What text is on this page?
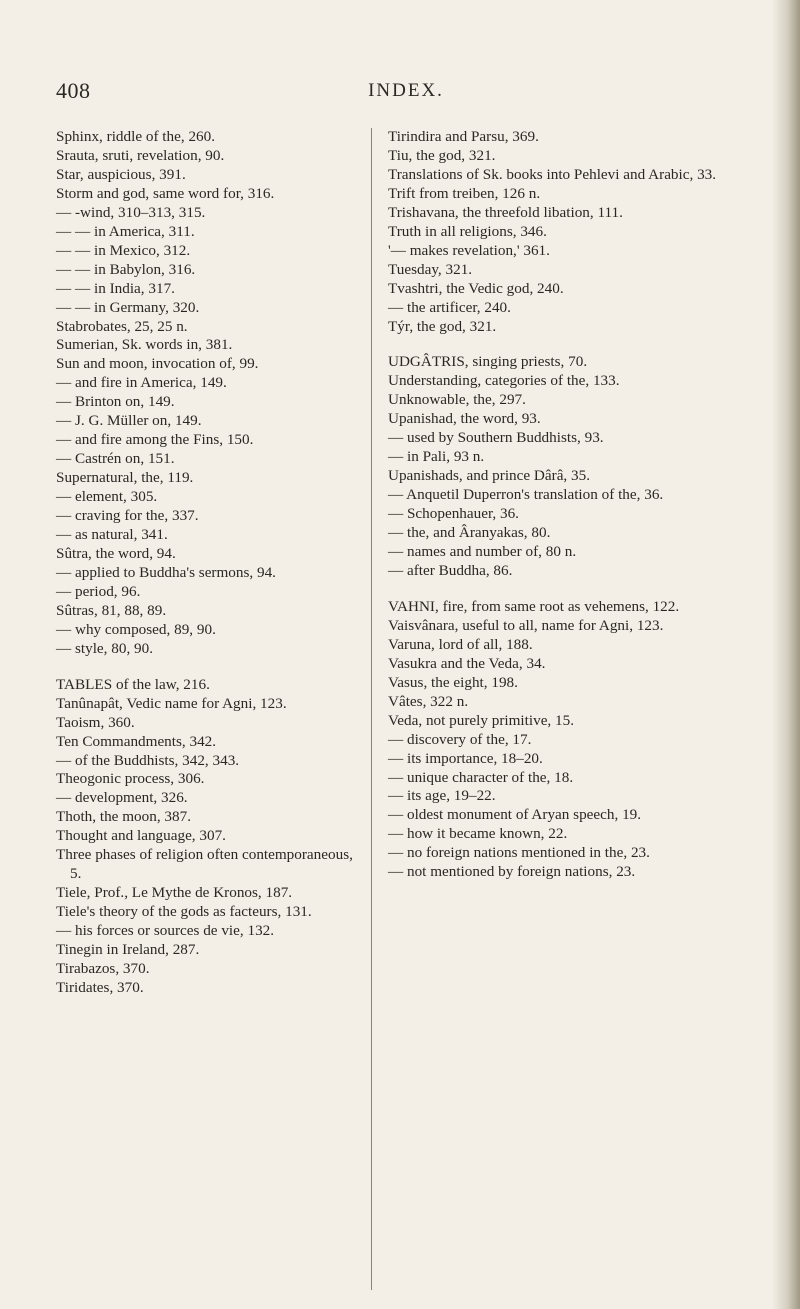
408	INDEX.

Sphinx, riddle of the, 260.

Srauta, sruti, revelation, 90.

Star, auspicious, 391.

Storm and god, same word for, 316.

— -wind, 310–313, 315.

— — in America, 311.

— — in Mexico, 312.

— — in Babylon, 316.

— — in India, 317.

— — in Germany, 320.

Stabrobates, 25, 25 n.

Sumerian, Sk. words in, 381.

Sun and moon, invocation of, 99.

— and fire in America, 149.

— Brinton on, 149.

— J. G. Müller on, 149.

— and fire among the Fins, 150.

— Castrén on, 151.

Supernatural, the, 119.

— element, 305.

— craving for the, 337.

— as natural, 341.

Sûtra, the word, 94.

— applied to Buddha's sermons, 94.

— period, 96.

Sûtras, 81, 88, 89.

— why composed, 89, 90.

— style, 80, 90.

TABLES of the law, 216.

Tanûnapât, Vedic name for Agni, 123.

Taoism, 360.

Ten Commandments, 342.

— of the Buddhists, 342, 343.

Theogonic process, 306.

— development, 326.

Thoth, the moon, 387.

Thought and language, 307.

Three phases of religion often contemporaneous, 5.

Tiele, Prof., Le Mythe de Kronos, 187.

Tiele's theory of the gods as facteurs, 131.

— his forces or sources de vie, 132.

Tinegin in Ireland, 287.

Tirabazos, 370.

Tiridates, 370.

Tirindira and Parsu, 369.

Tiu, the god, 321.

Translations of Sk. books into Pehlevi and Arabic, 33.

Trift from treiben, 126 n.

Trishavana, the threefold libation, 111.

Truth in all religions, 346.

'— makes revelation,' 361.

Tuesday, 321.

Tvashtri, the Vedic god, 240.

— the artificer, 240.

Týr, the god, 321.

UDGÂTRIS, singing priests, 70.

Understanding, categories of the, 133.

Unknowable, the, 297.

Upanishad, the word, 93.

— used by Southern Buddhists, 93.

— in Pali, 93 n.

Upanishads, and prince Dârâ, 35.

— Anquetil Duperron's translation of the, 36.

— Schopenhauer, 36.

— the, and Âranyakas, 80.

— names and number of, 80 n.

— after Buddha, 86.

VAHNI, fire, from same root as vehemens, 122.

Vaisvânara, useful to all, name for Agni, 123.

Varuna, lord of all, 188.

Vasukra and the Veda, 34.

Vasus, the eight, 198.

Vâtes, 322 n.

Veda, not purely primitive, 15.

— discovery of the, 17.

— its importance, 18–20.

— unique character of the, 18.

— its age, 19–22.

— oldest monument of Aryan speech, 19.

— how it became known, 22.

— no foreign nations mentioned in the, 23.

— not mentioned by foreign nations, 23.
